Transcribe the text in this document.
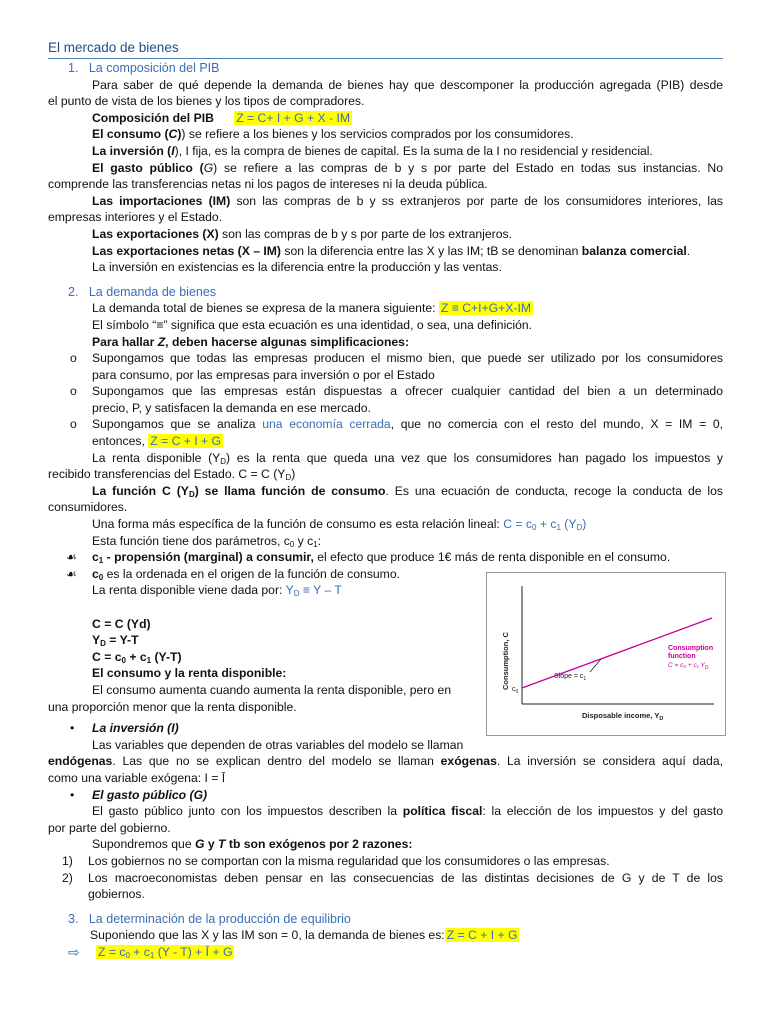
El mercado de bienes
1. La composición del PIB
Para saber de qué depende la demanda de bienes hay que descomponer la producción agregada (PIB) desde
el punto de vista de los bienes y los tipos de compradores.
Composición del PIB Z = C+ I + G + X - IM
El consumo (C)) se refiere a los bienes y los servicios comprados por los consumidores.
La inversión (I), I fija, es la compra de bienes de capital. Es la suma de la I no residencial y residencial.
El gasto público (G) se refiere a las compras de b y s por parte del Estado en todas sus instancias. No
comprende las transferencias netas ni los pagos de intereses ni la deuda pública.
Las importaciones (IM) son las compras de b y ss extranjeros por parte de los consumidores interiores, las
empresas interiores y el Estado.
Las exportaciones (X) son las compras de b y s por parte de los extranjeros.
Las exportaciones netas (X – IM) son la diferencia entre las X y las IM; tB se denominan balanza comercial.
La inversión en existencias es la diferencia entre la producción y las ventas.
2. La demanda de bienes
La demanda total de bienes se expresa de la manera siguiente: Z ≡ C+I+G+X-IM
El símbolo “≡” significa que esta ecuación es una identidad, o sea, una definición.
Para hallar Z, deben hacerse algunas simplificaciones:
o	Supongamos que todas las empresas producen el mismo bien, que puede ser utilizado por los consumidores
para consumo, por las empresas para inversión o por el Estado
o	Supongamos que las empresas están dispuestas a ofrecer cualquier cantidad del bien a un determinado
precio, P, y satisfacen la demanda en ese mercado.
o	Supongamos que se analiza una economía cerrada, que no comercia con el resto del mundo, X = IM = 0,
entonces, Z = C + I + G
La renta disponible $(Y_D)$ es la renta que queda una vez que los consumidores han pagado los impuestos y
recibido transferencias del Estado. C = C $(Y_D)$
La función C $(Y_D)$ se llama función de consumo. Es una ecuación de conducta, recoge la conducta de los
consumidores.
Una forma más específica de la función de consumo es esta relación lineal: $C = c_0 + c_1$ $(Y_D)$
Esta función tiene dos parámetros, $c_0$ y $c_1$:
☙	$c_1$ - propensión (marginal) a consumir, el efecto que produce 1€ más de renta disponible en el consumo.
☙	$c_0$ es la ordenada en el origen de la función de consumo.
La renta disponible viene dada por: $Y_D \equiv Y - T$
C = C (Yd)
$Y_D = Y-T$
$C = c_0 + c_1$ (Y-T)
El consumo y la renta disponible:
El consumo aumenta cuando aumenta la renta disponible, pero en
una proporción menor que la renta disponible.
•	La inversión (I)
Las variables que dependen de otras variables del modelo se llaman
endógenas. Las que no se explican dentro del modelo se llaman exógenas. La inversión se considera aquí dada,
como una variable exógena: I = Ī
•	El gasto público (G)
El gasto público junto con los impuestos describen la política fiscal: la elección de los impuestos y del gasto
por parte del gobierno.
Supondremos que G y T tb son exógenos por 2 razones:
1)	Los gobiernos no se comportan con la misma regularidad que los consumidores o las empresas.
2)	Los macroeconomistas deben pensar en las consecuencias de las distintas decisiones de G y de T de los
gobiernos.
3. La determinación de la producción de equilibrio
Suponiendo que las X y las IM son = 0, la demanda de bienes es: Z = C + I + G
⇨ $Z = c_0 + c_1$ (Y - T) + Ī + G
Consumption, C
Disposable income, $Y_D$
$c_0$
Slope = $c_1$
Consumption
function
C = c₀ + c₁ $Y_D$
